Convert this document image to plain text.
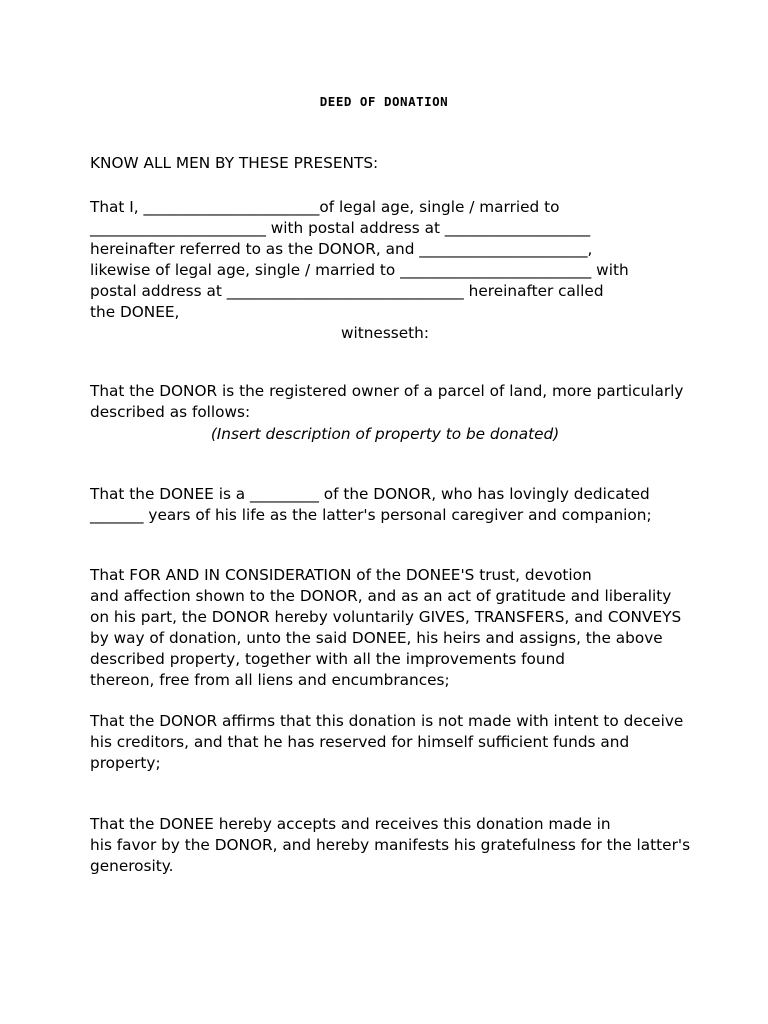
DEED OF DONATION
KNOW ALL MEN BY THESE PRESENTS:
That I, _______________________of legal age, single / married to
_______________________ with postal address at ___________________
hereinafter referred to as the DONOR, and ______________________,
likewise of legal age, single / married to _________________________ with
postal address at _______________________________ hereinafter called
the DONEE,
witnesseth:
That the DONOR is the registered owner of a parcel of land, more particularly
described as follows:
(Insert description of property to be donated)
That the DONEE is a _________ of the DONOR, who has lovingly dedicated
_______ years of his life as the latter's personal caregiver and companion;
That FOR AND IN CONSIDERATION of the DONEE'S trust, devotion
and affection shown to the DONOR, and as an act of gratitude and liberality
on his part, the DONOR hereby voluntarily GIVES, TRANSFERS, and CONVEYS
by way of donation, unto the said DONEE, his heirs and assigns, the above
described property, together with all the improvements found
thereon, free from all liens and encumbrances;
That the DONOR affirms that this donation is not made with intent to deceive
his creditors, and that he has reserved for himself sufficient funds and
property;
That the DONEE hereby accepts and receives this donation made in
his favor by the DONOR, and hereby manifests his gratefulness for the latter's
generosity.
